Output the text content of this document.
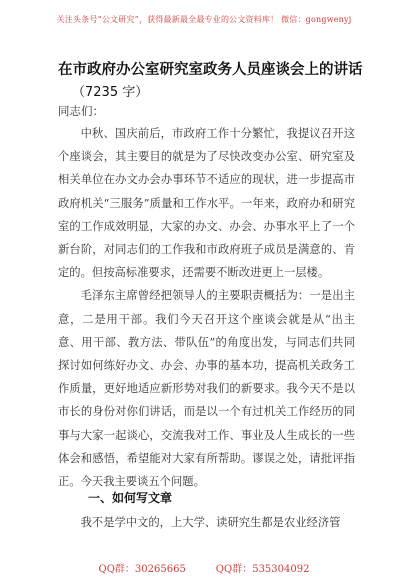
关注头条号“公文研究”，获得最新最全最专业的公文资料库！ 微信：gongwenyj
在市政府办公室研究室政务人员座谈会上的讲话
（7235 字）
同志们：

中秋、国庆前后，市政府工作十分繁忙，我提议召开这个座谈会，其主要目的就是为了尽快改变办公室、研究室及相关单位在办文办会办事环节不适应的现状，进一步提高市政府机关“三服务”质量和工作水平。一年来，政府办和研究室的工作成效明显，大家的办文、办会、办事水平上了一个新台阶，对同志们的工作我和市政府班子成员是满意的、肯定的。但按高标准要求，还需要不断改进更上一层楼。

毛泽东主席曾经把领导人的主要职责概括为：一是出主意，二是用干部。我们今天召开这个座谈会就是从“出主意、用干部、教方法、带队伍”的角度出发，与同志们共同探讨如何练好办文、办会、办事的基本功，提高机关政务工作质量，更好地适应新形势对我们的新要求。我今天不是以市长的身份对你们讲话，而是以一个有过机关工作经历的同事与大家一起谈心，交流我对工作、事业及人生成长的一些体会和感悟，希望能对大家有所帮助。谬误之处，请批评指正。今天我主要谈五个问题。

一、如何写文章
我不是学中文的，上大学、读研究生都是农业经济管
QQ群：30265665　　　QQ群：535304092
